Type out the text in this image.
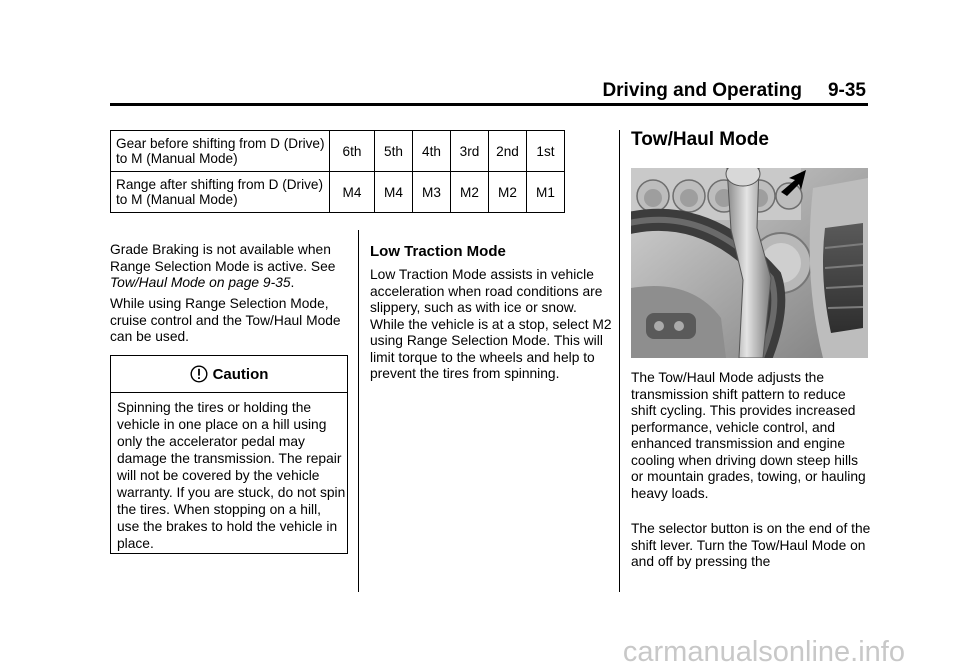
Driving and Operating 9-35
Gear before shifting from D (Drive) to M (Manual Mode)	6th	5th	4th	3rd	2nd	1st
Range after shifting from D (Drive) to M (Manual Mode)	M4	M4	M3	M2	M2	M1
Grade Braking is not available when Range Selection Mode is active. See Tow/Haul Mode on page 9-35.
While using Range Selection Mode, cruise control and the Tow/Haul Mode can be used.
Caution
Spinning the tires or holding the vehicle in one place on a hill using only the accelerator pedal may damage the transmission. The repair will not be covered by the vehicle warranty. If you are stuck, do not spin the tires. When stopping on a hill, use the brakes to hold the vehicle in place.
Low Traction Mode
Low Traction Mode assists in vehicle acceleration when road conditions are slippery, such as with ice or snow. While the vehicle is at a stop, select M2 using Range Selection Mode. This will limit torque to the wheels and help to prevent the tires from spinning.
Tow/Haul Mode
The Tow/Haul Mode adjusts the transmission shift pattern to reduce shift cycling. This provides increased performance, vehicle control, and enhanced transmission and engine cooling when driving down steep hills or mountain grades, towing, or hauling heavy loads.
The selector button is on the end of the shift lever. Turn the Tow/Haul Mode on and off by pressing the
carmanualsonline.info
